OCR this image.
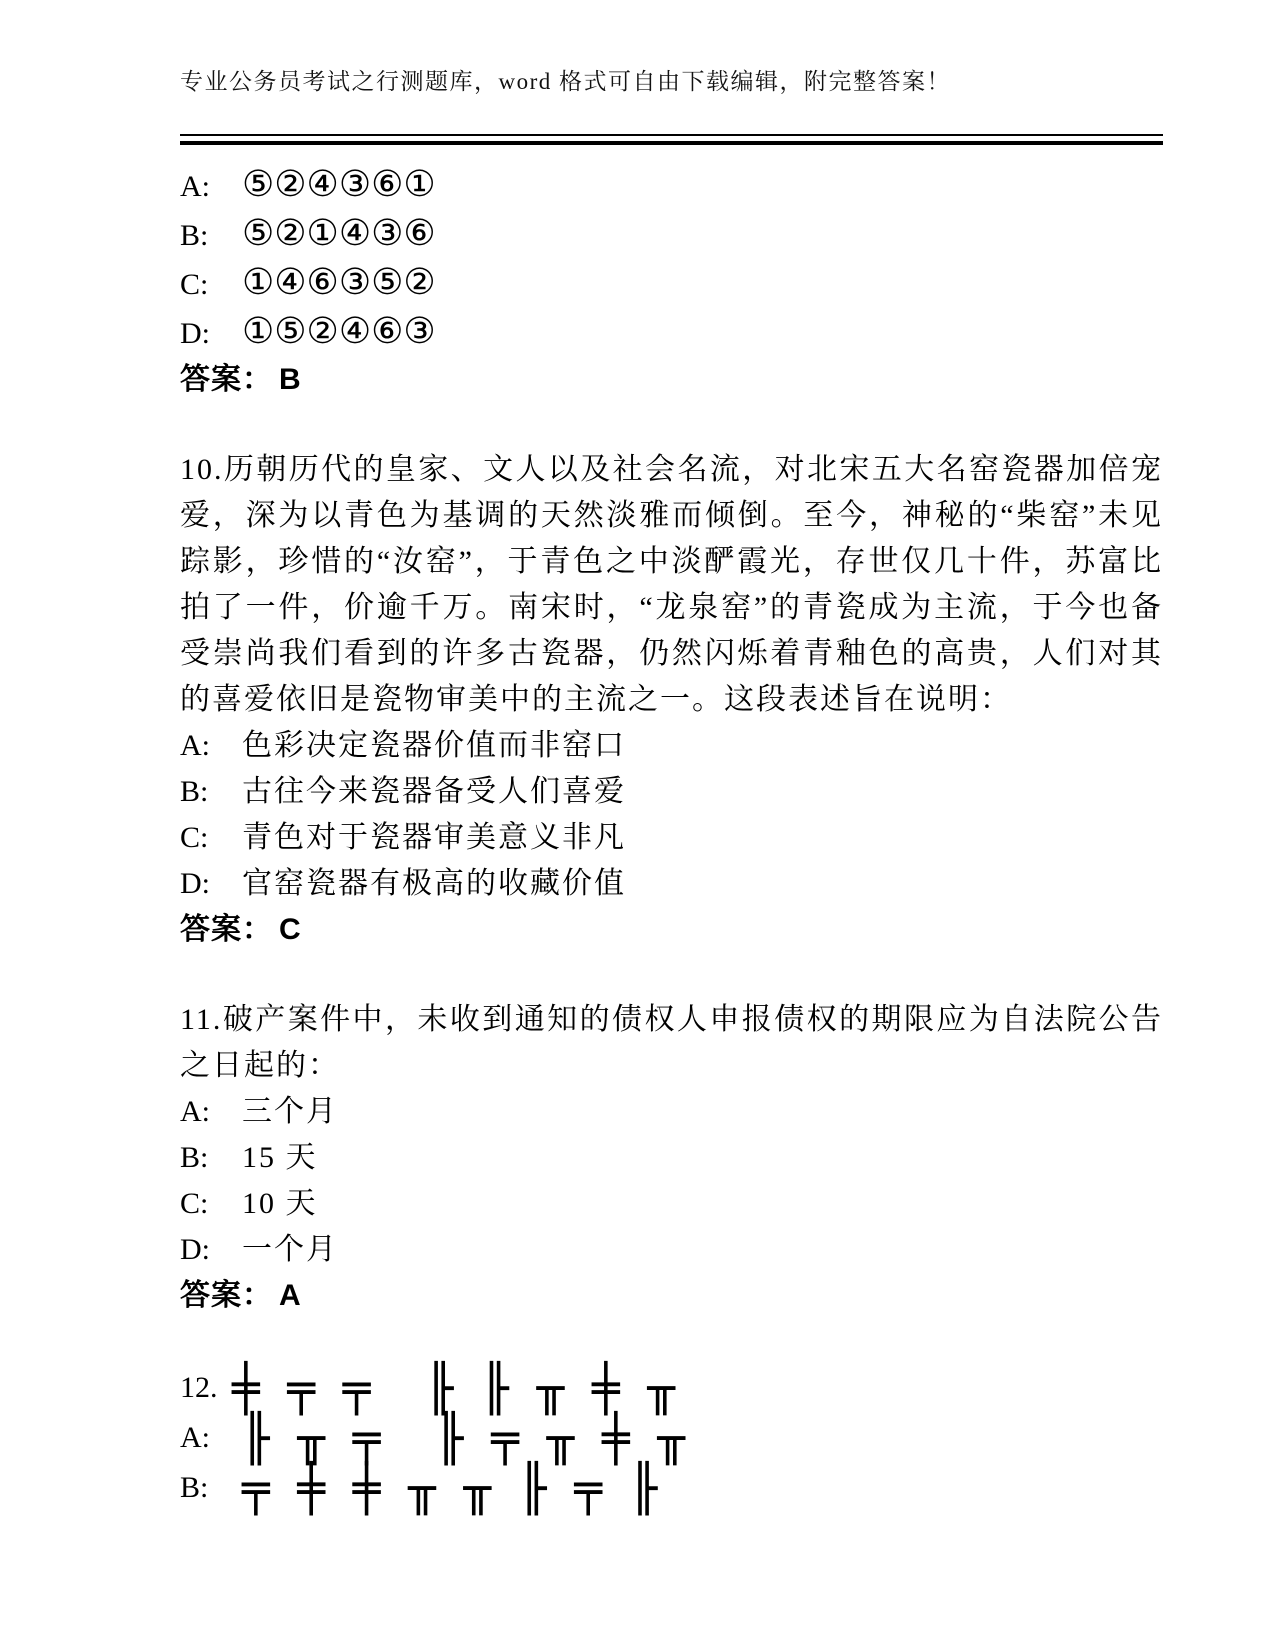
专业公务员考试之行测题库，word 格式可自由下载编辑，附完整答案！
A: ⑤②④③⑥①
B: ⑤②①④③⑥
C: ①④⑥③⑤②
D: ①⑤②④⑥③
答案： B
10.历朝历代的皇家、文人以及社会名流，对北宋五大名窑瓷器加倍宠爱，深为以青色为基调的天然淡雅而倾倒。至今，神秘的“柴窑”未见踪影，珍惜的“汝窑”，于青色之中淡酽霞光，存世仅几十件，苏富比拍了一件，价逾千万。南宋时，“龙泉窑”的青瓷成为主流，于今也备受崇尚我们看到的许多古瓷器，仍然闪烁着青釉色的高贵，人们对其的喜爱依旧是瓷物审美中的主流之一。这段表述旨在说明：
A:	色彩决定瓷器价值而非窑口
B:	古往今来瓷器备受人们喜爱
C:	青色对于瓷器审美意义非凡
D:	官窑瓷器有极高的收藏价值
答案： C
11.破产案件中，未收到通知的债权人申报债权的期限应为自法院公告之日起的：
A:	三个月
B:	15 天
C:	10 天
D:	一个月
答案： A
12. ╪ ╤ ╤  ╟ ╟ ╥ ╪ ╥
A: ╟ ╥ ╤  ╟ ╤ ╥ ╪ ╥
B: ╤ ╪ ╪ ╥ ╥ ╟ ╤ ╟
